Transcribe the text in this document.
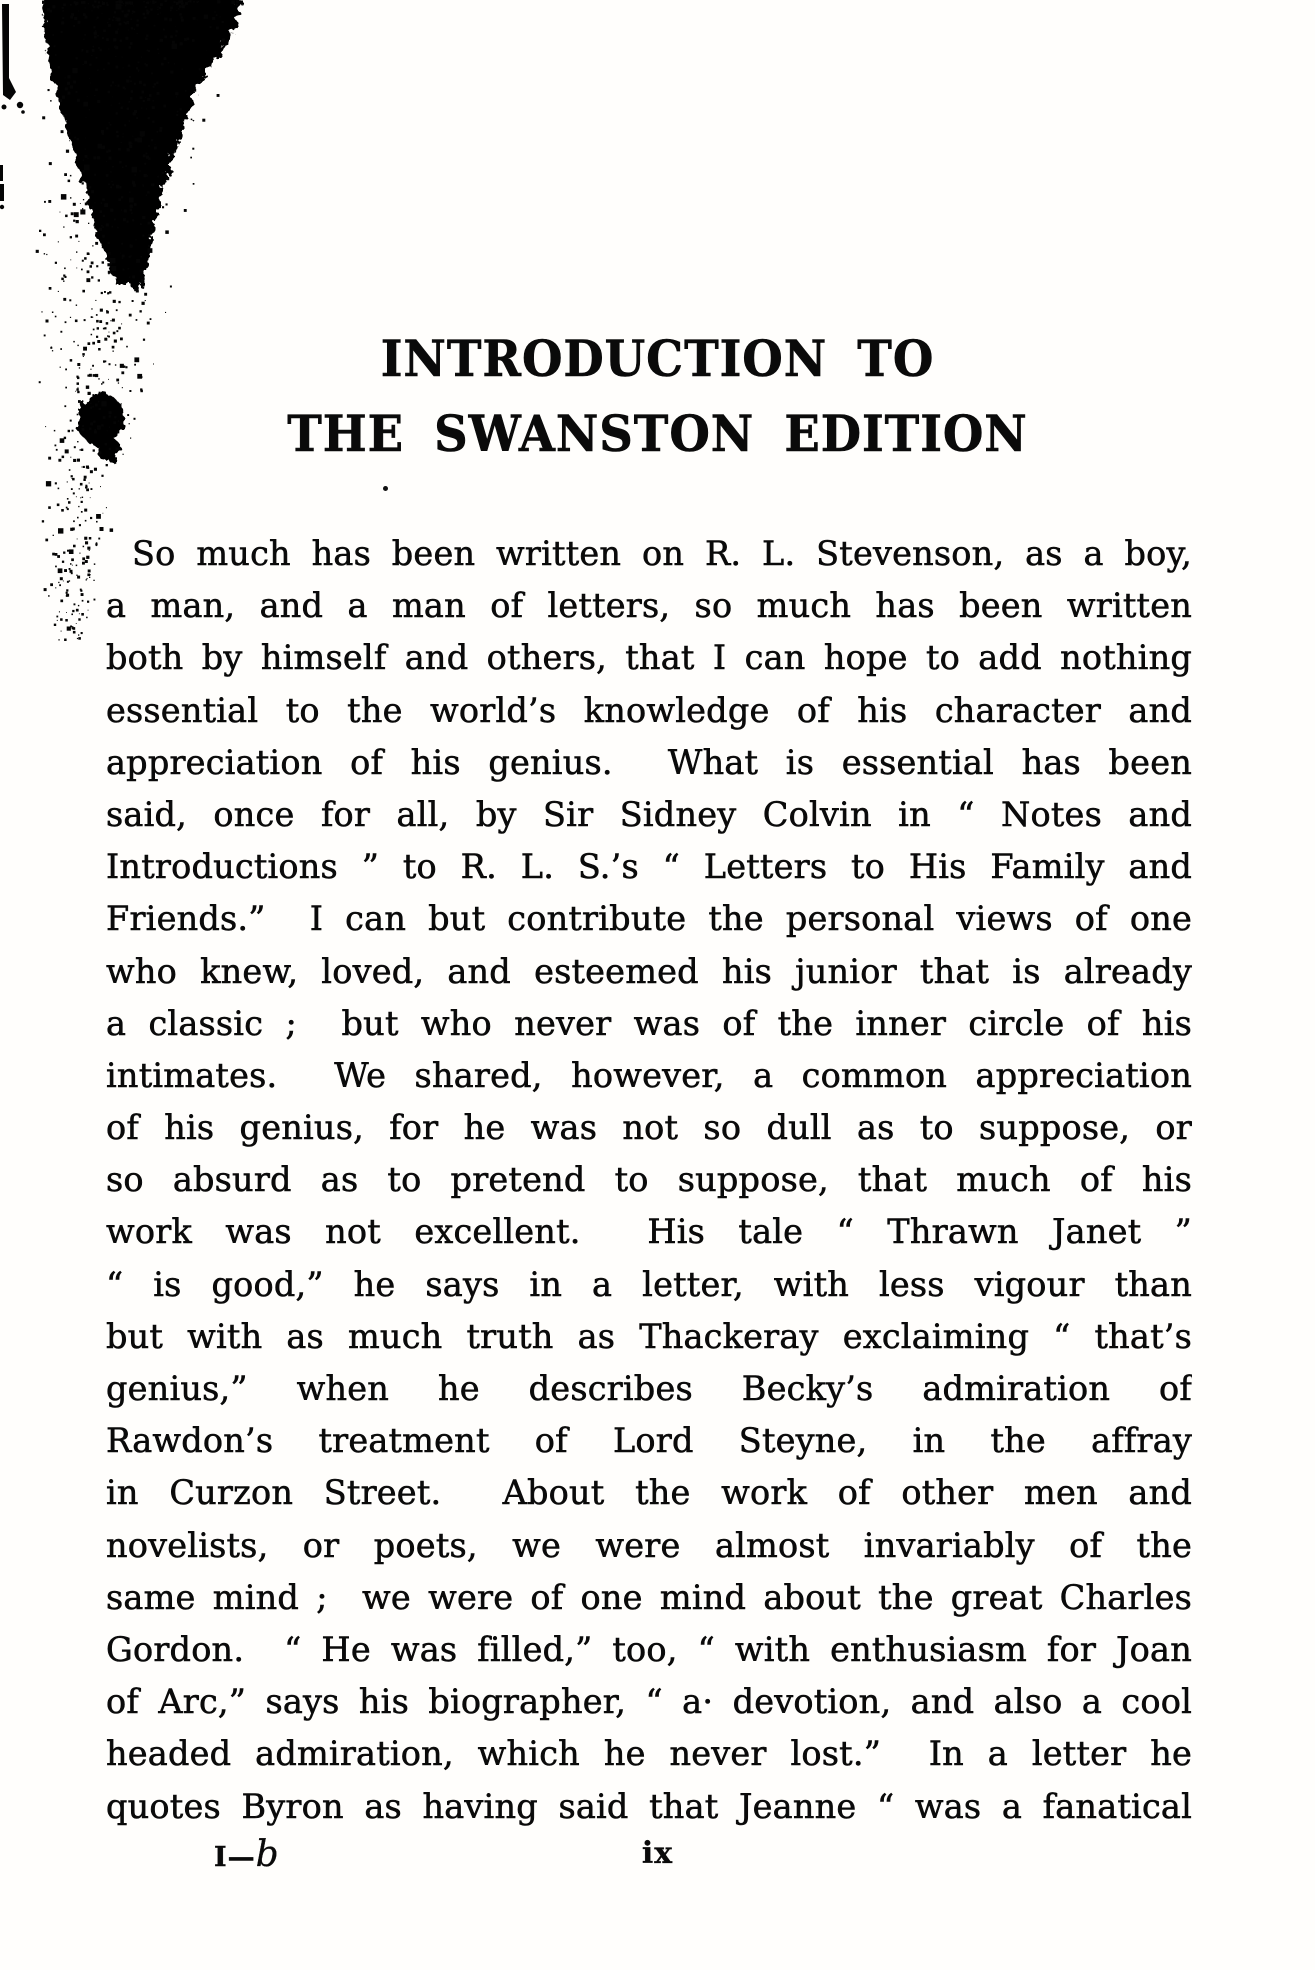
INTRODUCTION TO
THE SWANSTON EDITION
So much has been written on R. L. Stevenson, as a boy,
a man, and a man of letters, so much has been written
both by himself and others, that I can hope to add nothing
essential to the world’s knowledge of his character and
appreciation of his genius.  What is essential has been
said, once for all, by Sir Sidney Colvin in “ Notes and
Introductions ” to R. L. S.’s “ Letters to His Family and
Friends.”  I can but contribute the personal views of one
who knew, loved, and esteemed his junior that is already
a classic ;  but who never was of the inner circle of his
intimates.  We shared, however, a common appreciation
of his genius, for he was not so dull as to suppose, or
so absurd as to pretend to suppose, that much of his
work was not excellent.  His tale “ Thrawn Janet ”
“ is good,” he says in a letter, with less vigour than
but with as much truth as Thackeray exclaiming “ that’s
genius,” when he describes Becky’s admiration of
Rawdon’s treatment of Lord Steyne, in the affray
in Curzon Street.  About the work of other men and
novelists, or poets, we were almost invariably of the
same mind ;  we were of one mind about the great Charles
Gordon.  “ He was filled,” too, “ with enthusiasm for Joan
of Arc,” says his biographer, “ a· devotion, and also a cool
headed admiration, which he never lost.”  In a letter he
quotes Byron as having said that Jeanne “ was a fanatical
I—b	ix
